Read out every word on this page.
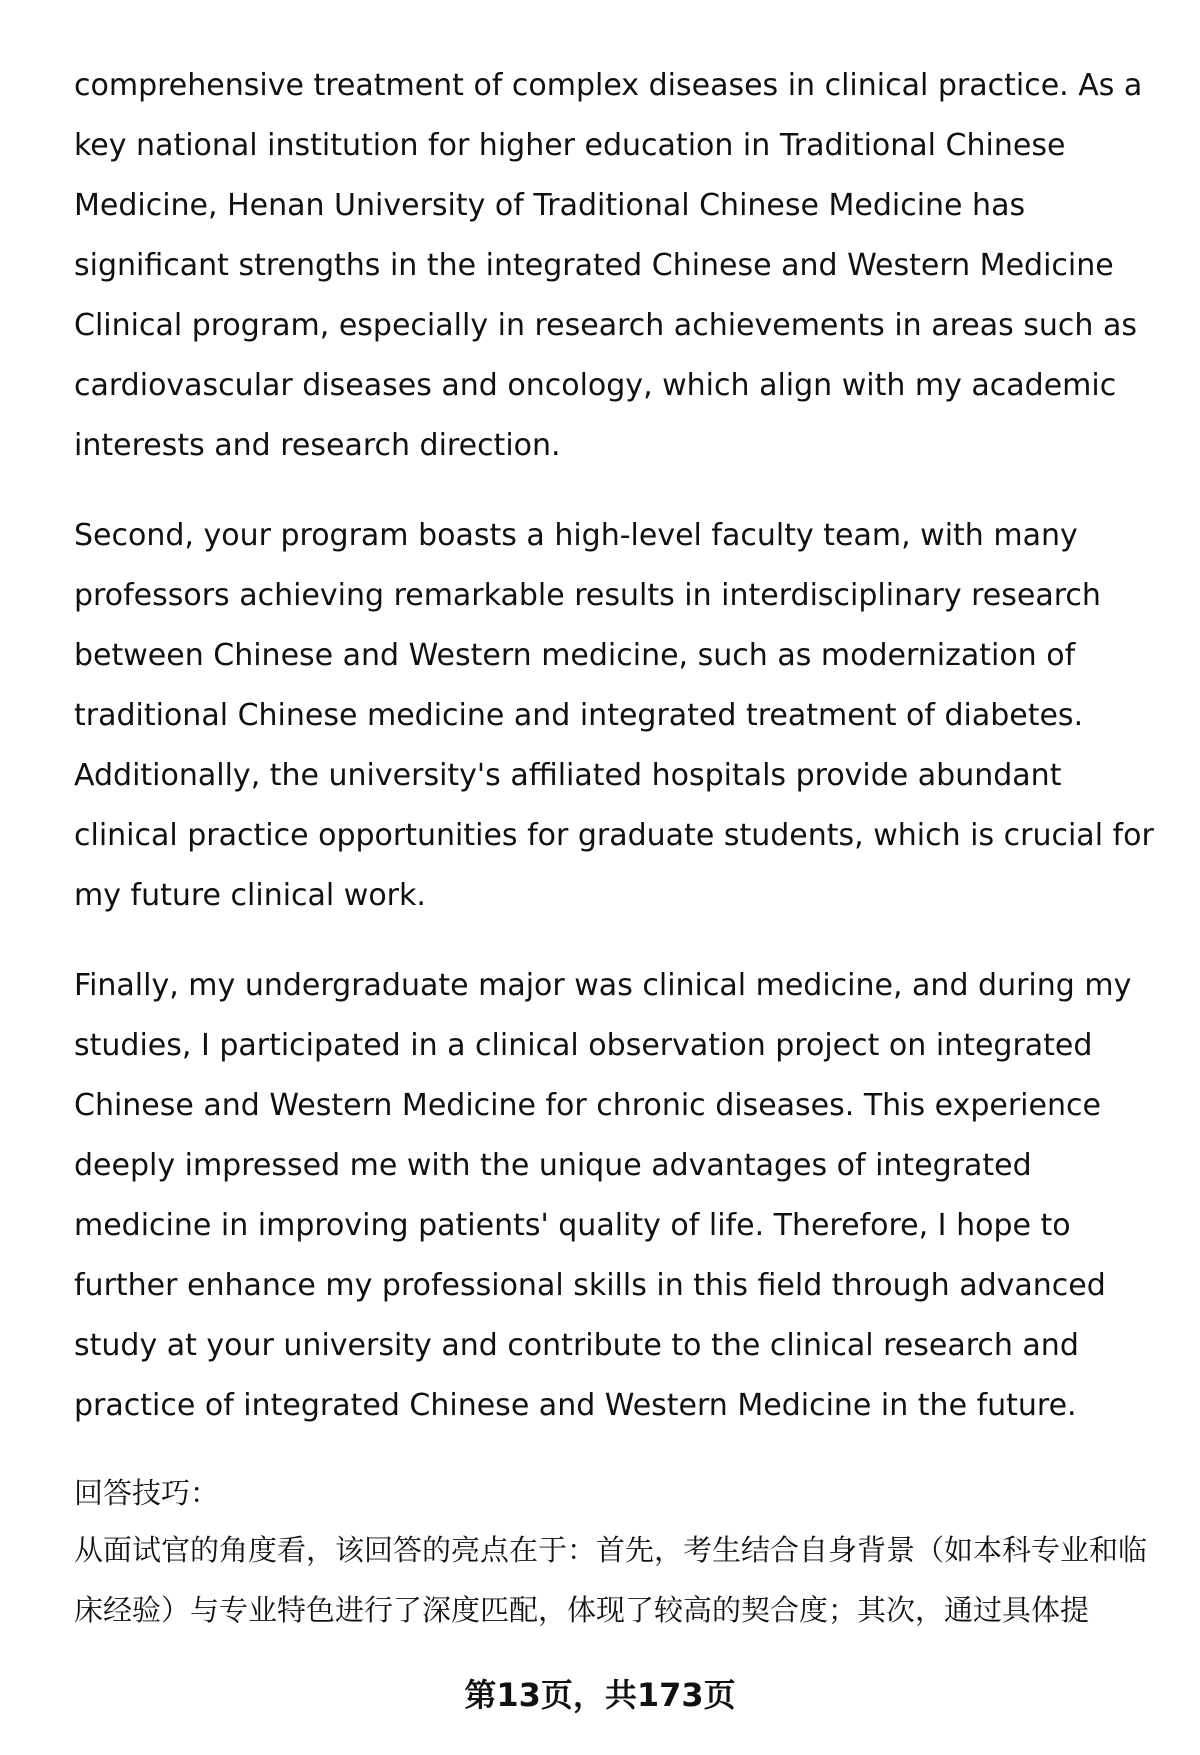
comprehensive treatment of complex diseases in clinical practice. As a key national institution for higher education in Traditional Chinese Medicine, Henan University of Traditional Chinese Medicine has significant strengths in the integrated Chinese and Western Medicine Clinical program, especially in research achievements in areas such as cardiovascular diseases and oncology, which align with my academic interests and research direction.

Second, your program boasts a high-level faculty team, with many professors achieving remarkable results in interdisciplinary research between Chinese and Western medicine, such as modernization of traditional Chinese medicine and integrated treatment of diabetes. Additionally, the university's affiliated hospitals provide abundant clinical practice opportunities for graduate students, which is crucial for my future clinical work.

Finally, my undergraduate major was clinical medicine, and during my studies, I participated in a clinical observation project on integrated Chinese and Western Medicine for chronic diseases. This experience deeply impressed me with the unique advantages of integrated medicine in improving patients' quality of life. Therefore, I hope to further enhance my professional skills in this field through advanced study at your university and contribute to the clinical research and practice of integrated Chinese and Western Medicine in the future.

回答技巧：

从面试官的角度看，该回答的亮点在于：首先，考生结合自身背景（如本科专业和临床经验）与专业特色进行了深度匹配，体现了较高的契合度；其次，通过具体提

第13页，共173页
